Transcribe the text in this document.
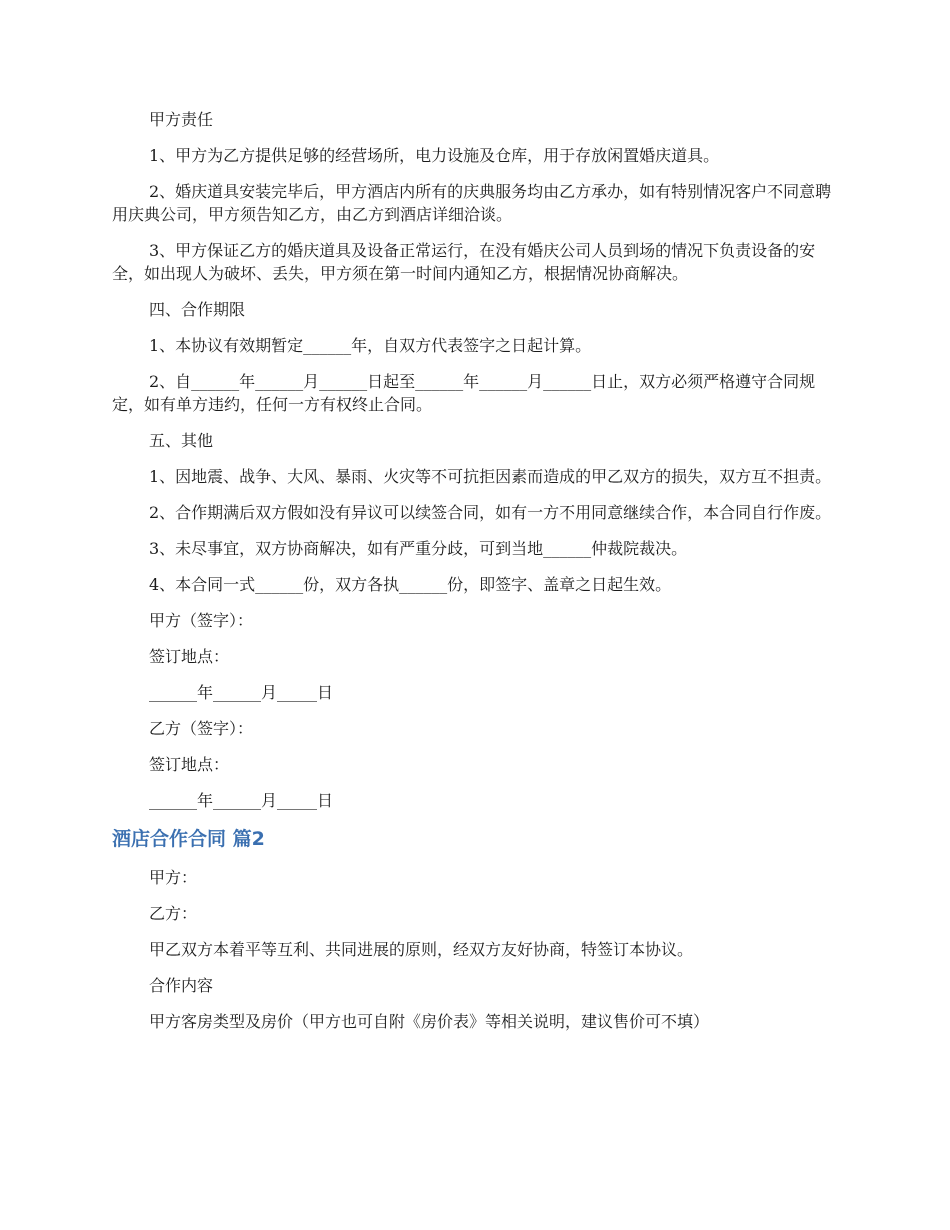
甲方责任

1、甲方为乙方提供足够的经营场所，电力设施及仓库，用于存放闲置婚庆道具。

2、婚庆道具安装完毕后，甲方酒店内所有的庆典服务均由乙方承办，如有特别情况客户不同意聘用庆典公司，甲方须告知乙方，由乙方到酒店详细洽谈。

3、甲方保证乙方的婚庆道具及设备正常运行，在没有婚庆公司人员到场的情况下负责设备的安全，如出现人为破坏、丢失，甲方须在第一时间内通知乙方，根据情况协商解决。

四、合作期限

1、本协议有效期暂定______年，自双方代表签字之日起计算。

2、自______年______月______日起至______年______月______日止，双方必须严格遵守合同规定，如有单方违约，任何一方有权终止合同。

五、其他

1、因地震、战争、大风、暴雨、火灾等不可抗拒因素而造成的甲乙双方的损失，双方互不担责。

2、合作期满后双方假如没有异议可以续签合同，如有一方不用同意继续合作，本合同自行作废。

3、未尽事宜，双方协商解决，如有严重分歧，可到当地______仲裁院裁决。

4、本合同一式______份，双方各执______份，即签字、盖章之日起生效。

甲方（签字）：

签订地点：

______年______月_____日

乙方（签字）：

签订地点：

______年______月_____日

酒店合作合同 篇2

甲方：

乙方：

甲乙双方本着平等互利、共同进展的原则，经双方友好协商，特签订本协议。

合作内容

甲方客房类型及房价（甲方也可自附《房价表》等相关说明，建议售价可不填）
